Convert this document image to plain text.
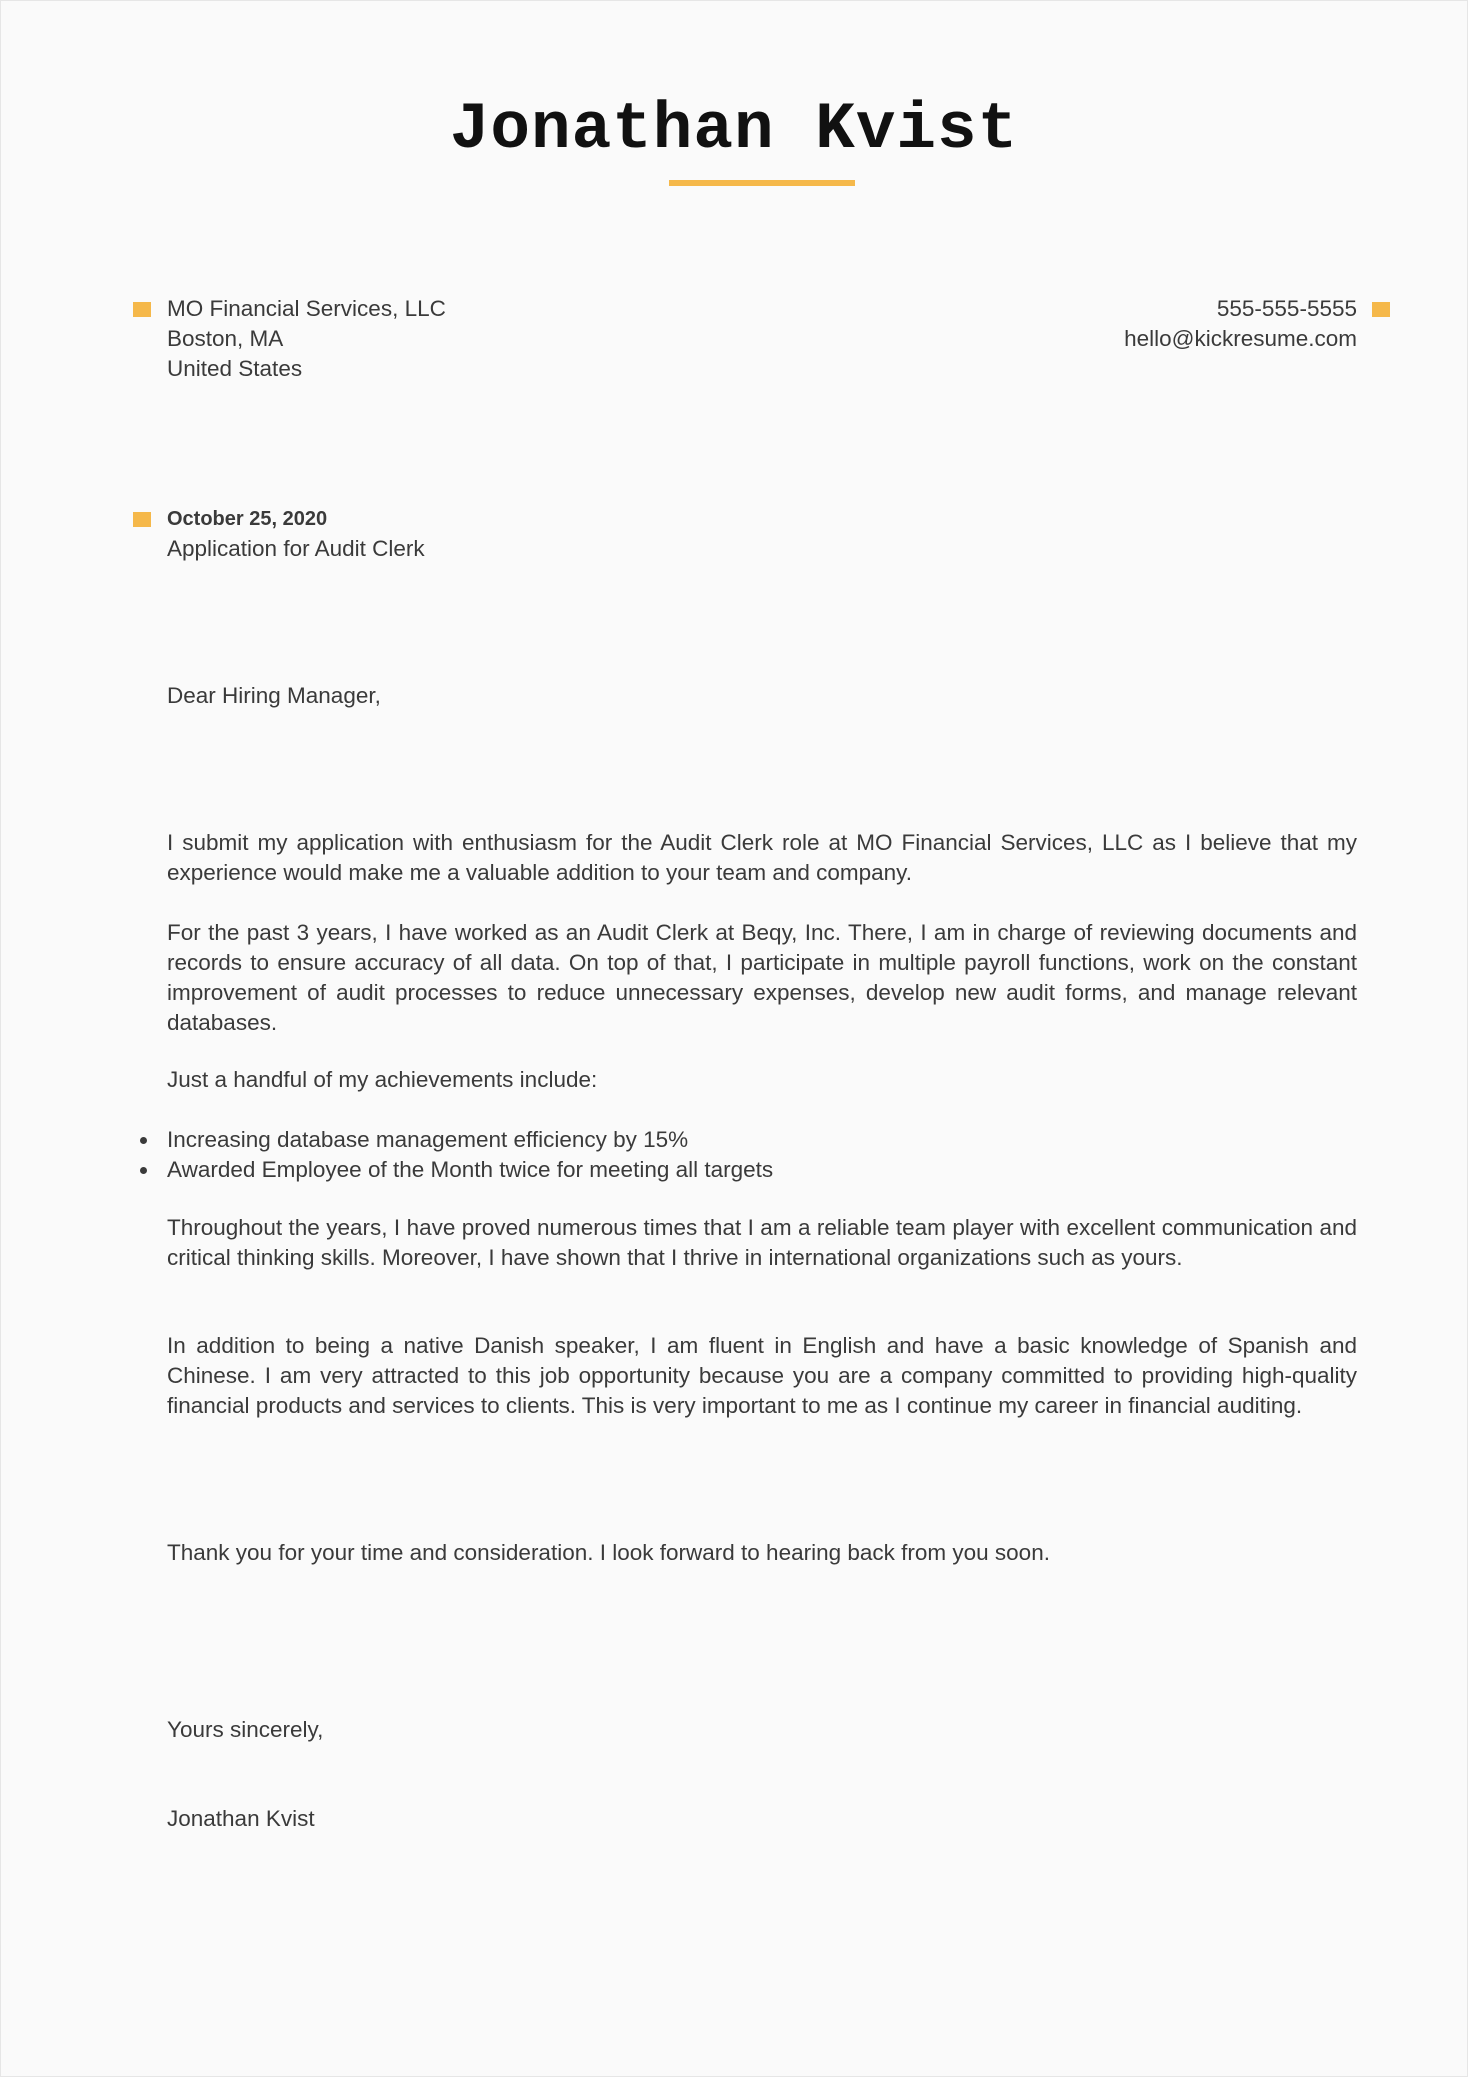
Jonathan Kvist
MO Financial Services, LLC
Boston, MA
United States
555-555-5555
hello@kickresume.com
October 25, 2020
Application for Audit Clerk
Dear Hiring Manager,
I submit my application with enthusiasm for the Audit Clerk role at MO Financial Services, LLC as I believe that my experience would make me a valuable addition to your team and company.
For the past 3 years, I have worked as an Audit Clerk at Beqy, Inc. There, I am in charge of reviewing documents and records to ensure accuracy of all data. On top of that, I participate in multiple payroll functions, work on the constant improvement of audit processes to reduce unnecessary expenses, develop new audit forms, and manage relevant databases.
Just a handful of my achievements include:
Increasing database management efficiency by 15%
Awarded Employee of the Month twice for meeting all targets
Throughout the years, I have proved numerous times that I am a reliable team player with excellent communication and critical thinking skills. Moreover, I have shown that I thrive in international organizations such as yours.
In addition to being a native Danish speaker, I am fluent in English and have a basic knowledge of Spanish and Chinese. I am very attracted to this job opportunity because you are a company committed to providing high-quality financial products and services to clients. This is very important to me as I continue my career in financial auditing.
Thank you for your time and consideration. I look forward to hearing back from you soon.
Yours sincerely,
Jonathan Kvist
